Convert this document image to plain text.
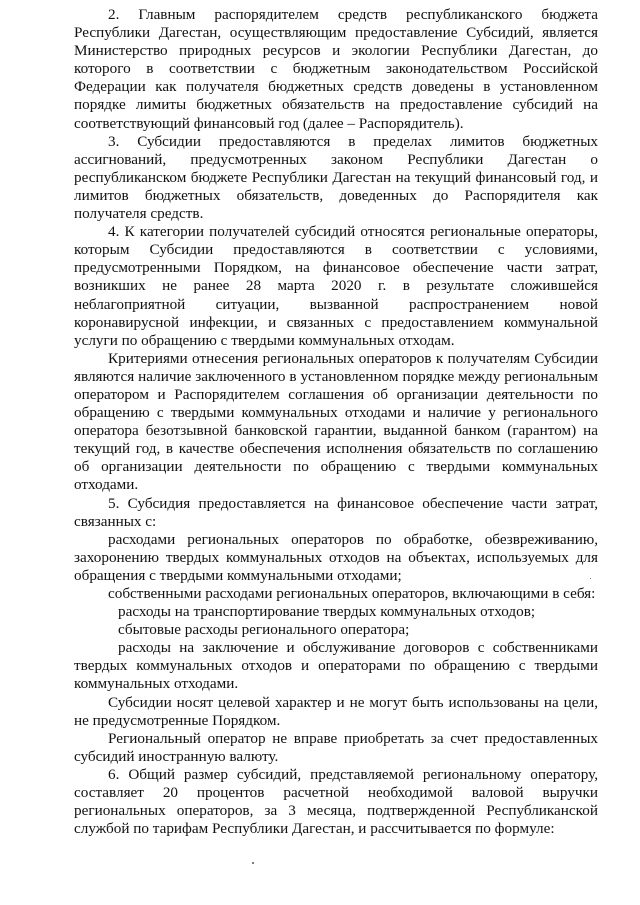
2. Главным распорядителем средств республиканского бюджета Республики Дагестан, осуществляющим предоставление Субсидий, является Министерство природных ресурсов и экологии Республики Дагестан, до которого в соответствии с бюджетным законодательством Российской Федерации как получателя бюджетных средств доведены в установленном порядке лимиты бюджетных обязательств на предоставление субсидий на соответствующий финансовый год (далее – Распорядитель).

3. Субсидии предоставляются в пределах лимитов бюджетных ассигнований, предусмотренных законом Республики Дагестан о республиканском бюджете Республики Дагестан на текущий финансовый год, и лимитов бюджетных обязательств, доведенных до Распорядителя как получателя средств.

4. К категории получателей субсидий относятся региональные операторы, которым Субсидии предоставляются в соответствии с условиями, предусмотренными Порядком, на финансовое обеспечение части затрат, возникших не ранее 28 марта 2020 г. в результате сложившейся неблагоприятной ситуации, вызванной распространением новой коронавирусной инфекции, и связанных с предоставлением коммунальной услуги по обращению с твердыми коммунальных отходам.

Критериями отнесения региональных операторов к получателям Субсидии являются наличие заключенного в установленном порядке между региональным оператором и Распорядителем соглашения об организации деятельности по обращению с твердыми коммунальных отходами и наличие у регионального оператора безотзывной банковской гарантии, выданной банком (гарантом) на текущий год, в качестве обеспечения исполнения обязательств по соглашению об организации деятельности по обращению с твердыми коммунальных отходами.

5. Субсидия предоставляется на финансовое обеспечение части затрат, связанных с:

расходами региональных операторов по обработке, обезвреживанию, захоронению твердых коммунальных отходов на объектах, используемых для обращения с твердыми коммунальными отходами;

собственными расходами региональных операторов, включающими в себя:

расходы на транспортирование твердых коммунальных отходов;

сбытовые расходы регионального оператора;

расходы на заключение и обслуживание договоров с собственниками твердых коммунальных отходов и операторами по обращению с твердыми коммунальных отходами.

Субсидии носят целевой характер и не могут быть использованы на цели, не предусмотренные Порядком.

Региональный оператор не вправе приобретать за счет предоставленных субсидий иностранную валюту.

6. Общий размер субсидий, представляемой региональному оператору, составляет 20 процентов расчетной необходимой валовой выручки региональных операторов, за 3 месяца, подтвержденной Республиканской службой по тарифам Республики Дагестан, и рассчитывается по формуле:
